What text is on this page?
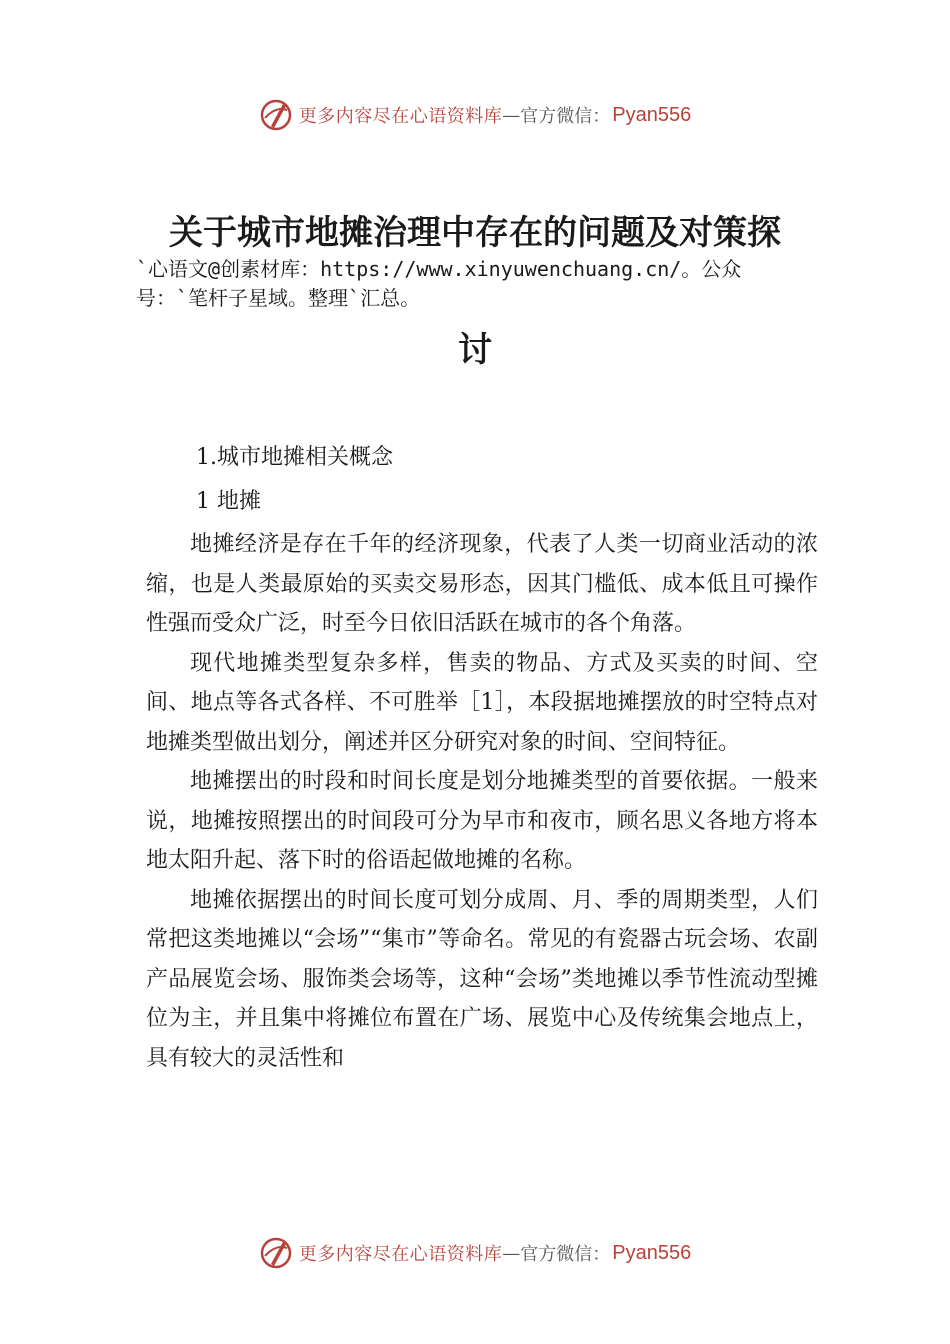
更多内容尽在心语资料库 — 官方微信： Pyan556
关于城市地摊治理中存在的问题及对策探
`心语文@创素材库：https://www.xinyuwenchuang.cn/。公众
号：`笔杆子星域。整理`汇总。
讨

1.城市地摊相关概念

1 地摊

地摊经济是存在千年的经济现象，代表了人类一切商业活动的浓缩，也是人类最原始的买卖交易形态，因其门槛低、成本低且可操作性强而受众广泛，时至今日依旧活跃在城市的各个角落。

现代地摊类型复杂多样，售卖的物品、方式及买卖的时间、空间、地点等各式各样、不可胜举［1］，本段据地摊摆放的时空特点对地摊类型做出划分，阐述并区分研究对象的时间、空间特征。

地摊摆出的时段和时间长度是划分地摊类型的首要依据。一般来说，地摊按照摆出的时间段可分为早市和夜市，顾名思义各地方将本地太阳升起、落下时的俗语起做地摊的名称。

地摊依据摆出的时间长度可划分成周、月、季的周期类型，人们常把这类地摊以“会场”“集市”等命名。常见的有瓷器古玩会场、农副产品展览会场、服饰类会场等，这种“会场”类地摊以季节性流动型摊位为主，并且集中将摊位布置在广场、展览中心及传统集会地点上，具有较大的灵活性和

更多内容尽在心语资料库 — 官方微信： Pyan556
